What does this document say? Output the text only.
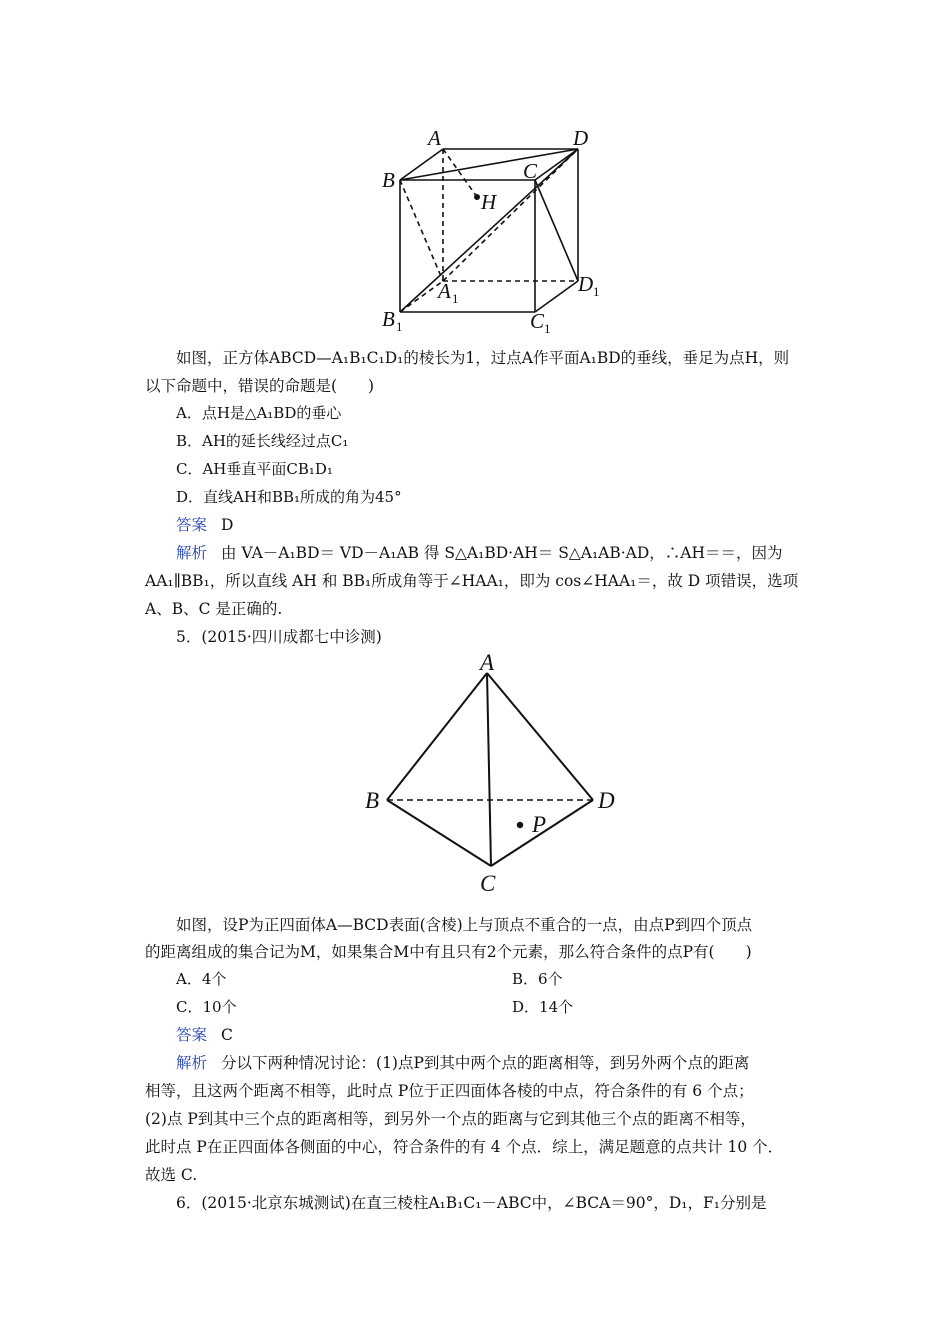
A	D
B	C
H
A 1
D 1
B 1	C 1
如图，正方体ABCD—A₁B₁C₁D₁的棱长为1，过点A作平面A₁BD的垂线，垂足为点H，则
以下命题中，错误的命题是(　　)
A．点H是△A₁BD的垂心
B．AH的延长线经过点C₁
C．AH垂直平面CB₁D₁
D．直线AH和BB₁所成的角为45°
答案 D
解析 由 VA－A₁BD＝ VD－A₁AB 得 S△A₁BD·AH＝ S△A₁AB·AD，∴AH＝＝，因为
AA₁∥BB₁，所以直线 AH 和 BB₁所成角等于∠HAA₁，即为 cos∠HAA₁＝，故 D 项错误，选项
A、B、C 是正确的.
5．(2015·四川成都七中诊测)
A
B	D
P
C
如图，设P为正四面体A—BCD表面(含棱)上与顶点不重合的一点，由点P到四个顶点
的距离组成的集合记为M，如果集合M中有且只有2个元素，那么符合条件的点P有(　　)
A．4个	B．6个
C．10个	D．14个
答案 C
解析 分以下两种情况讨论：(1)点P到其中两个点的距离相等，到另外两个点的距离
相等，且这两个距离不相等，此时点 P位于正四面体各棱的中点，符合条件的有 6 个点；
(2)点 P到其中三个点的距离相等，到另外一个点的距离与它到其他三个点的距离不相等，
此时点 P在正四面体各侧面的中心，符合条件的有 4 个点．综上，满足题意的点共计 10 个．
故选 C.
6．(2015·北京东城测试)在直三棱柱A₁B₁C₁－ABC中，∠BCA＝90°，D₁，F₁分别是
